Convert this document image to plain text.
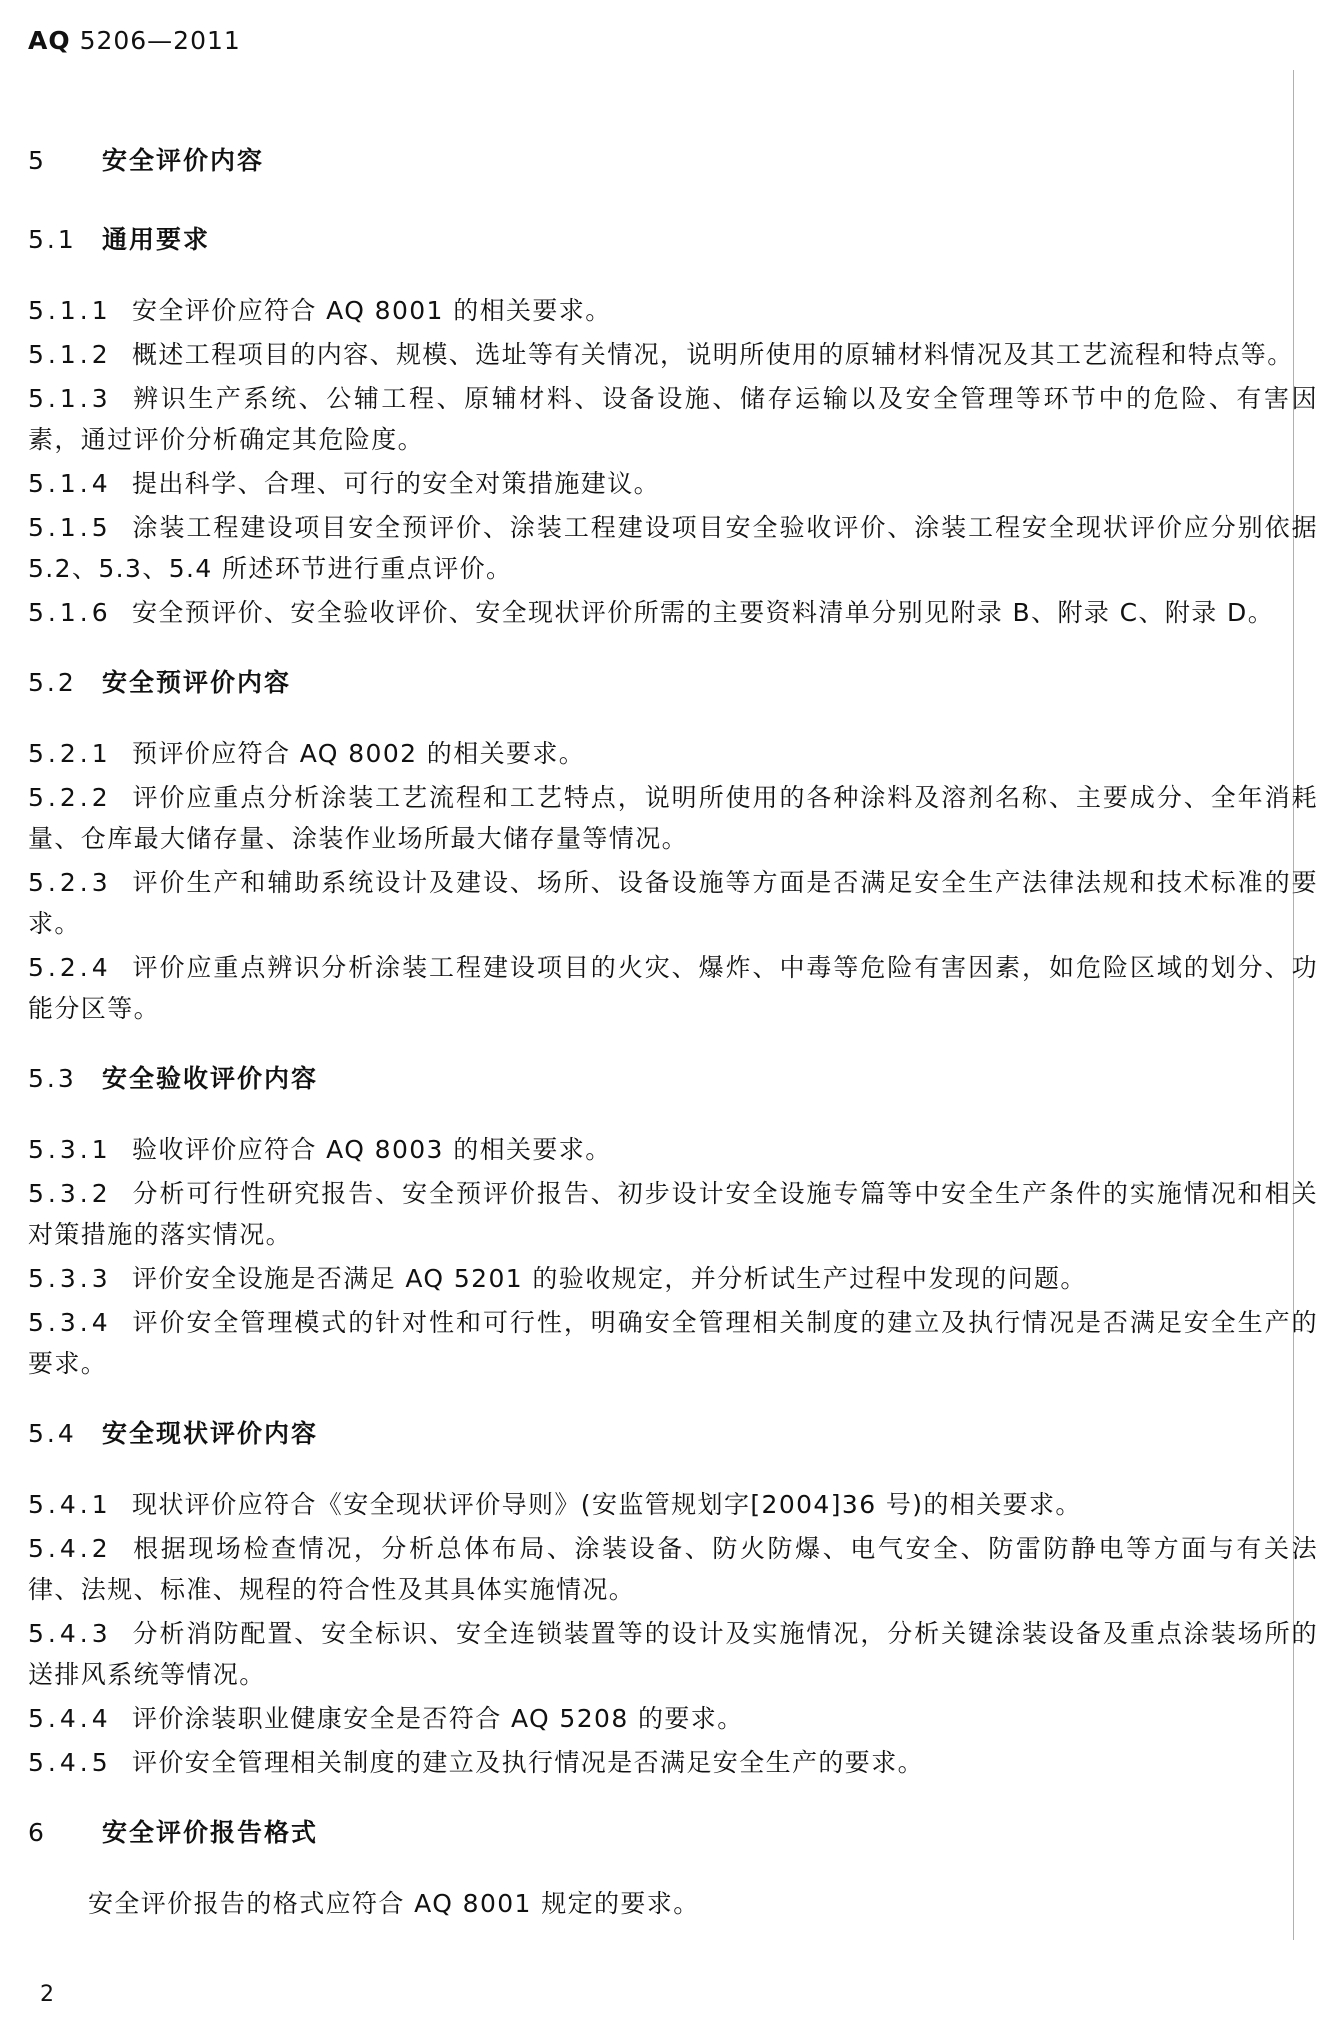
AQ 5206—2011
5 安全评价内容
5.1 通用要求
5.1.1 安全评价应符合 AQ 8001 的相关要求。
5.1.2 概述工程项目的内容、规模、选址等有关情况，说明所使用的原辅材料情况及其工艺流程和特点等。
5.1.3 辨识生产系统、公辅工程、原辅材料、设备设施、储存运输以及安全管理等环节中的危险、有害因素，通过评价分析确定其危险度。
5.1.4 提出科学、合理、可行的安全对策措施建议。
5.1.5 涂装工程建设项目安全预评价、涂装工程建设项目安全验收评价、涂装工程安全现状评价应分别依据 5.2、5.3、5.4 所述环节进行重点评价。
5.1.6 安全预评价、安全验收评价、安全现状评价所需的主要资料清单分别见附录 B、附录 C、附录 D。
5.2 安全预评价内容
5.2.1 预评价应符合 AQ 8002 的相关要求。
5.2.2 评价应重点分析涂装工艺流程和工艺特点，说明所使用的各种涂料及溶剂名称、主要成分、全年消耗量、仓库最大储存量、涂装作业场所最大储存量等情况。
5.2.3 评价生产和辅助系统设计及建设、场所、设备设施等方面是否满足安全生产法律法规和技术标准的要求。
5.2.4 评价应重点辨识分析涂装工程建设项目的火灾、爆炸、中毒等危险有害因素，如危险区域的划分、功能分区等。
5.3 安全验收评价内容
5.3.1 验收评价应符合 AQ 8003 的相关要求。
5.3.2 分析可行性研究报告、安全预评价报告、初步设计安全设施专篇等中安全生产条件的实施情况和相关对策措施的落实情况。
5.3.3 评价安全设施是否满足 AQ 5201 的验收规定，并分析试生产过程中发现的问题。
5.3.4 评价安全管理模式的针对性和可行性，明确安全管理相关制度的建立及执行情况是否满足安全生产的要求。
5.4 安全现状评价内容
5.4.1 现状评价应符合《安全现状评价导则》(安监管规划字[2004]36 号)的相关要求。
5.4.2 根据现场检查情况，分析总体布局、涂装设备、防火防爆、电气安全、防雷防静电等方面与有关法律、法规、标准、规程的符合性及其具体实施情况。
5.4.3 分析消防配置、安全标识、安全连锁装置等的设计及实施情况，分析关键涂装设备及重点涂装场所的送排风系统等情况。
5.4.4 评价涂装职业健康安全是否符合 AQ 5208 的要求。
5.4.5 评价安全管理相关制度的建立及执行情况是否满足安全生产的要求。
6 安全评价报告格式
安全评价报告的格式应符合 AQ 8001 规定的要求。
2
